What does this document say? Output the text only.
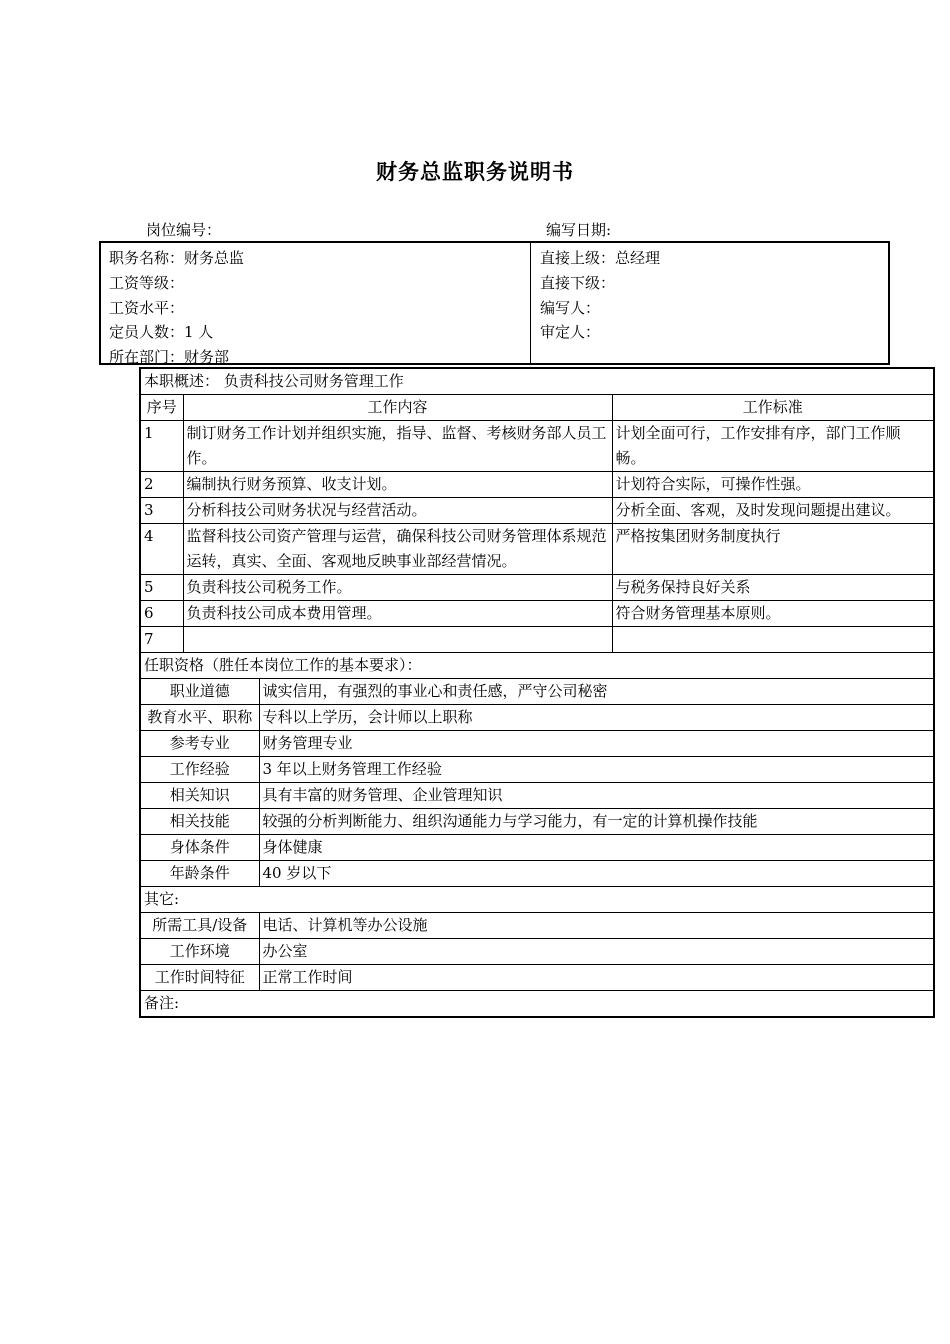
财务总监职务说明书
岗位编号：	编写日期:
职务名称：财务总监
工资等级：
工资水平：
定员人数：1 人
所在部门：财务部
直接上级：总经理
直接下级：
编写人：
审定人：
本职概述： 负责科技公司财务管理工作			
序号	工作内容		工作标准
1	制订财务工作计划并组织实施，指导、监督、考核财务部人员工作。		计划全面可行，工作安排有序，部门工作顺畅。
2	编制执行财务预算、收支计划。		计划符合实际，可操作性强。
3	分析科技公司财务状况与经营活动。		分析全面、客观，及时发现问题提出建议。
4	监督科技公司资产管理与运营，确保科技公司财务管理体系规范运转，真实、全面、客观地反映事业部经营情况。		严格按集团财务制度执行
5	负责科技公司税务工作。		与税务保持良好关系
6	负责科技公司成本费用管理。		符合财务管理基本原则。
7			
任职资格（胜任本岗位工作的基本要求）：			
职业道德		诚实信用，有强烈的事业心和责任感，严守公司秘密	
教育水平、职称		专科以上学历，会计师以上职称	
参考专业		财务管理专业	
工作经验		3 年以上财务管理工作经验	
相关知识		具有丰富的财务管理、企业管理知识	
相关技能		较强的分析判断能力、组织沟通能力与学习能力，有一定的计算机操作技能	
身体条件		身体健康	
年龄条件		40 岁以下	
其它:			
所需工具/设备		电话、计算机等办公设施	
工作环境		办公室	
工作时间特征		正常工作时间	
备注:			
